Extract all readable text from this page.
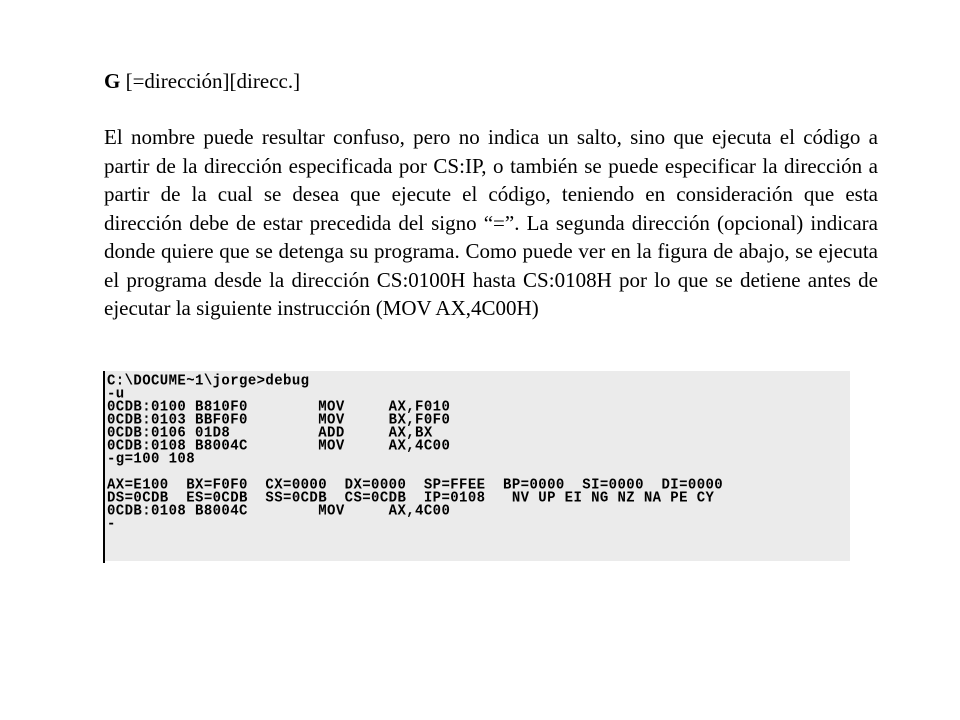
G [=dirección][direcc.]

El nombre puede resultar confuso, pero no indica un salto, sino que ejecuta el código a partir de la dirección especificada por CS:IP, o también se puede especificar la dirección a partir de la cual se desea que ejecute el código, teniendo en consideración que esta dirección debe de estar precedida del signo “=”. La segunda dirección (opcional) indicara donde quiere que se detenga su programa. Como puede ver en la figura de abajo, se ejecuta el programa desde la dirección CS:0100H hasta CS:0108H por lo que se detiene antes de ejecutar la siguiente instrucción (MOV AX,4C00H)

C:\DOCUME~1\jorge>debug
-u
0CDB:0100 B810F0        MOV     AX,F010
0CDB:0103 BBF0F0        MOV     BX,F0F0
0CDB:0106 01D8          ADD     AX,BX
0CDB:0108 B8004C        MOV     AX,4C00
-g=100 108
AX=E100  BX=F0F0  CX=0000  DX=0000  SP=FFEE  BP=0000  SI=0000  DI=0000
DS=0CDB  ES=0CDB  SS=0CDB  CS=0CDB  IP=0108   NV UP EI NG NZ NA PE CY
0CDB:0108 B8004C        MOV     AX,4C00
-
